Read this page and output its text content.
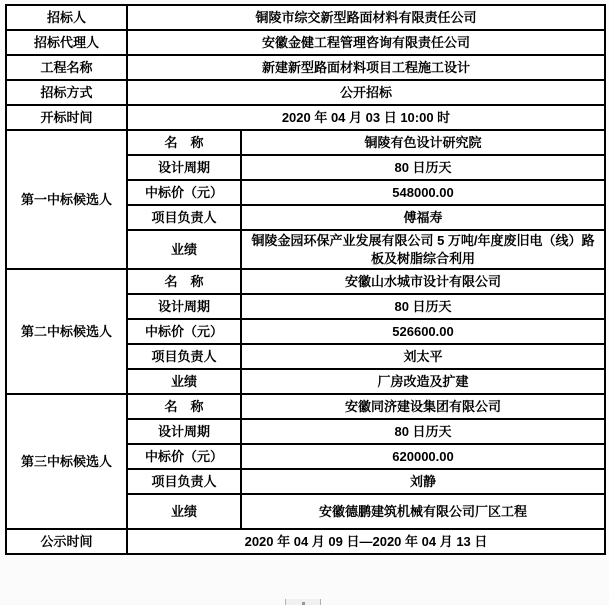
招标人	铜陵市综交新型路面材料有限责任公司	
招标代理人	安徽金健工程管理咨询有限责任公司	
工程名称	新建新型路面材料项目工程施工设计	
招标方式	公开招标	
开标时间	2020 年 04 月 03 日 10:00 时	
第一中标候选人	名　称	铜陵有色设计研究院
	设计周期	80 日历天
	中标价（元）	548000.00
	项目负责人	傅福寿
	业绩	铜陵金园环保产业发展有限公司 5 万吨/年度废旧电（线）路板及树脂综合利用
第二中标候选人	名　称	安徽山水城市设计有限公司
	设计周期	80 日历天
	中标价（元）	526600.00
	项目负责人	刘太平
	业绩	厂房改造及扩建
第三中标候选人	名　称	安徽同济建设集团有限公司
	设计周期	80 日历天
	中标价（元）	620000.00
	项目负责人	刘静
	业绩	安徽德鹏建筑机械有限公司厂区工程
公示时间	2020 年 04 月 09 日—2020 年 04 月 13 日	
